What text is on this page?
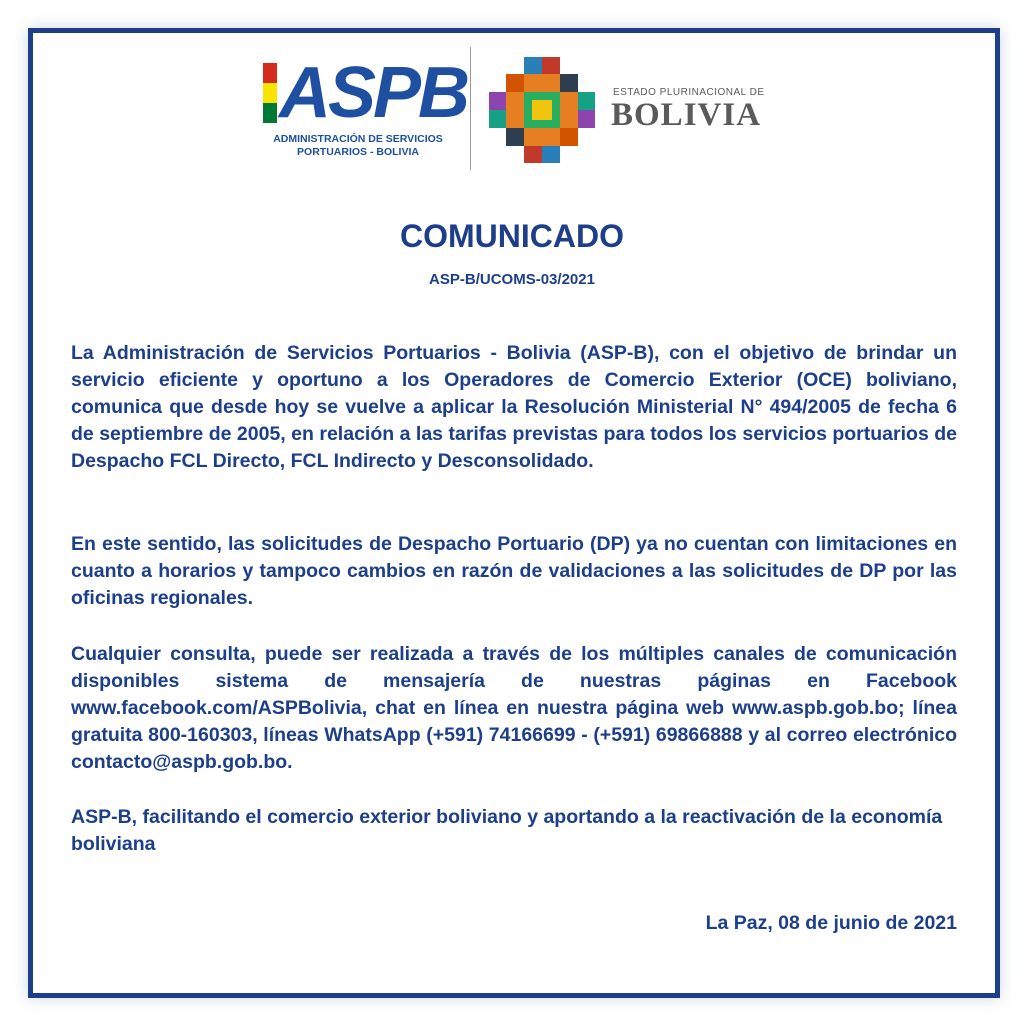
ASPB
ADMINISTRACIÓN DE SERVICIOS
PORTUARIOS - BOLIVIA
ESTADO PLURINACIONAL DE
BOLIVIA
COMUNICADO
ASP-B/UCOMS-03/2021
La Administración de Servicios Portuarios - Bolivia (ASP-B), con el objetivo de brindar un servicio eficiente y oportuno a los Operadores de Comercio Exterior (OCE) boliviano, comunica que desde hoy se vuelve a aplicar la Resolución Ministerial N° 494/2005 de fecha 6 de septiembre de 2005, en relación a las tarifas previstas para todos los servicios portuarios de Despacho FCL Directo, FCL Indirecto y Desconsolidado.
En este sentido, las solicitudes de Despacho Portuario (DP) ya no cuentan con limitaciones en cuanto a horarios y tampoco cambios en razón de validaciones a las solicitudes de DP por las oficinas regionales.
Cualquier consulta, puede ser realizada a través de los múltiples canales de comunicación disponibles sistema de mensajería de nuestras páginas en Facebook www.facebook.com/ASPBolivia, chat en línea en nuestra página web www.aspb.gob.bo; línea gratuita 800-160303, líneas WhatsApp (+591) 74166699 - (+591) 69866888 y al correo electrónico contacto@aspb.gob.bo.
ASP-B, facilitando el comercio exterior boliviano y aportando a la reactivación de la economía boliviana
La Paz, 08 de junio de 2021
